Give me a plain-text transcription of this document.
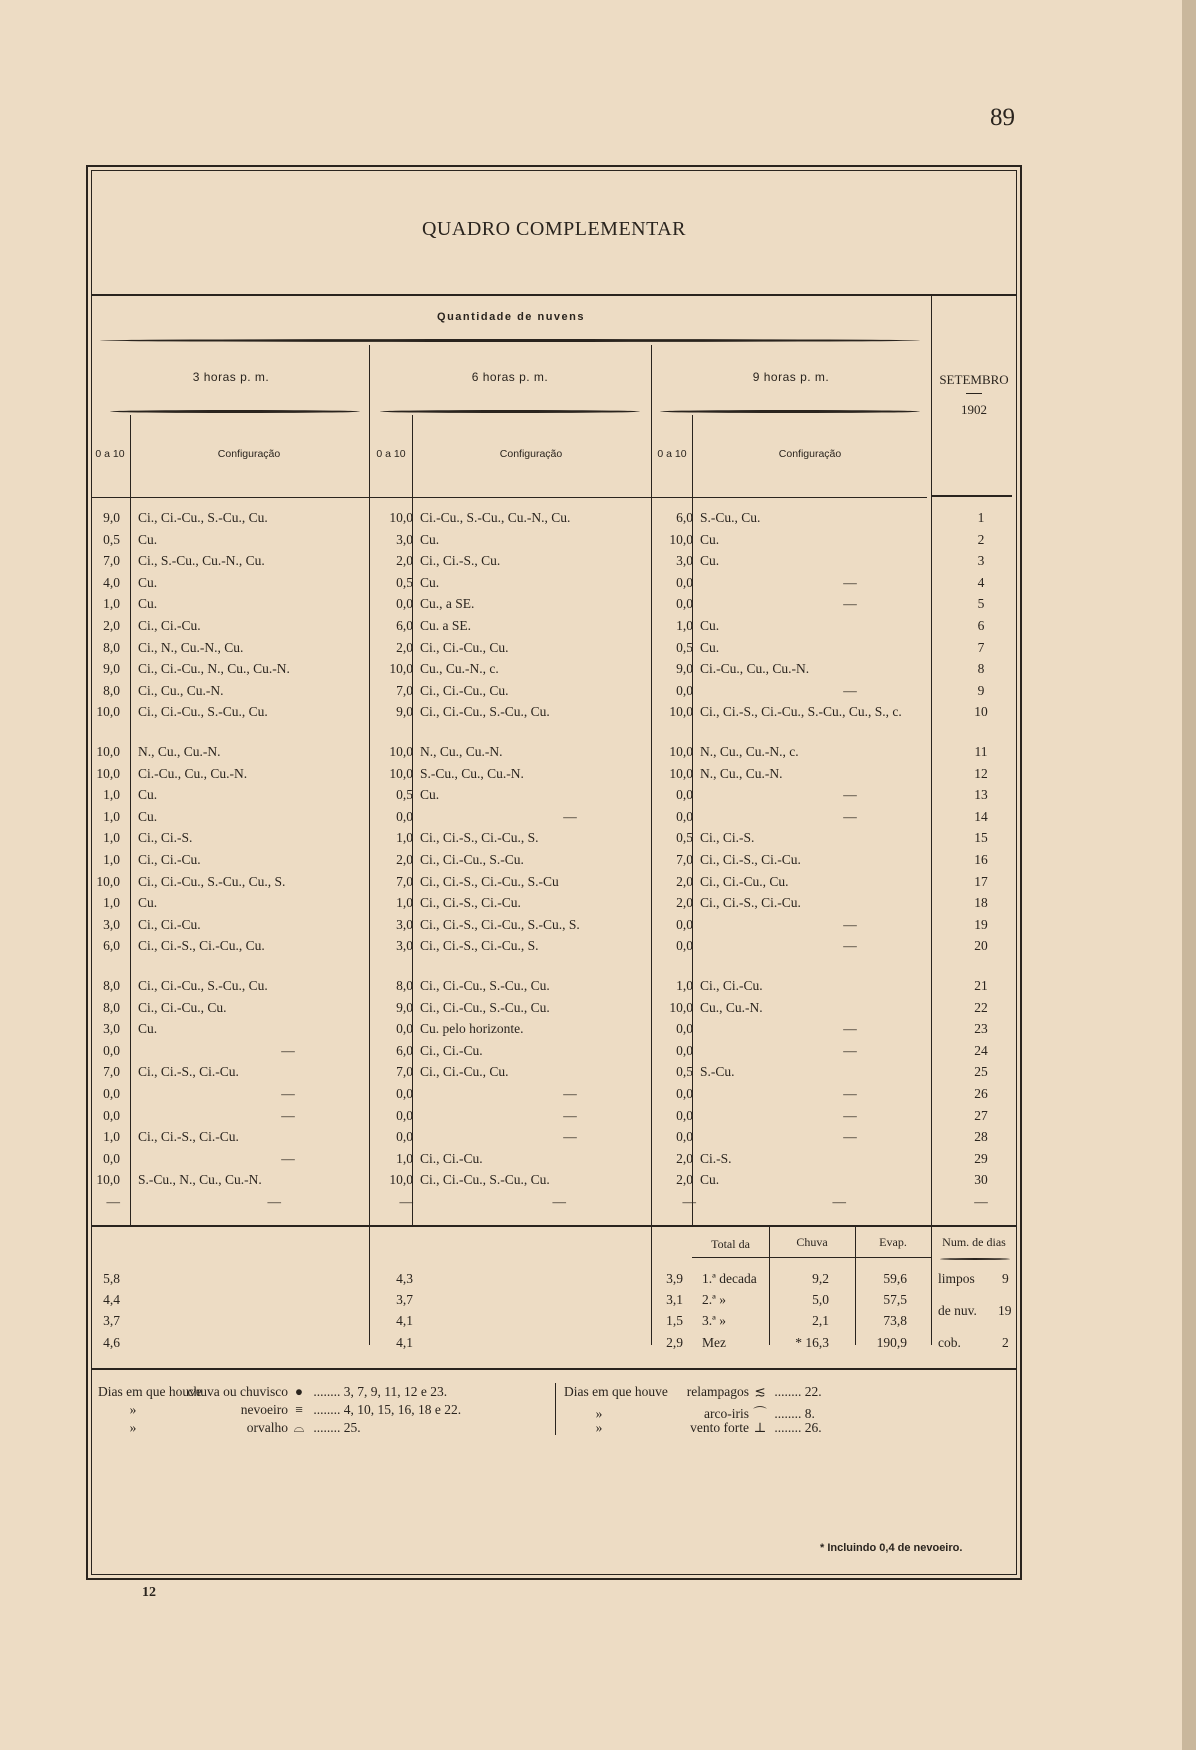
89
QUADRO COMPLEMENTAR
Quantidade de nuvens
3 horas p. m.	6 horas p. m.	9 horas p. m.	SETEMBRO
1902
0 a 10	Configuração	0 a 10	Configuração	0 a 10	Configuração
9,0 Ci., Ci.-Cu., S.-Cu., Cu.	10,0 Ci.-Cu., S.-Cu., Cu.-N., Cu.	6,0 S.-Cu., Cu.	1
0,5 Cu.	3,0 Cu.	10,0 Cu.	2
7,0 Ci., S.-Cu., Cu.-N., Cu.	2,0 Ci., Ci.-S., Cu.	3,0 Cu.	3
4,0 Cu.	0,5 Cu.	0,0	—	4
1,0 Cu.	0,0 Cu., a SE.	0,0	—	5
2,0 Ci., Ci.-Cu.	6,0 Cu. a SE.	1,0 Cu.	6
8,0 Ci., N., Cu.-N., Cu.	2,0 Ci., Ci.-Cu., Cu.	0,5 Cu.	7
9,0 Ci., Ci.-Cu., N., Cu., Cu.-N.	10,0 Cu., Cu.-N., c.	9,0 Ci.-Cu., Cu., Cu.-N.	8
8,0 Ci., Cu., Cu.-N.	7,0 Ci., Ci.-Cu., Cu.	0,0	—	9
10,0 Ci., Ci.-Cu., S.-Cu., Cu.	9,0 Ci., Ci.-Cu., S.-Cu., Cu.	10,0 Ci., Ci.-S., Ci.-Cu., S.-Cu., Cu., S., c.	10
10,0 N., Cu., Cu.-N.	10,0 N., Cu., Cu.-N.	10,0 N., Cu., Cu.-N., c.	11
10,0 Ci.-Cu., Cu., Cu.-N.	10,0 S.-Cu., Cu., Cu.-N.	10,0 N., Cu., Cu.-N.	12
1,0 Cu.	0,5 Cu.	0,0	—	13
1,0 Cu.	0,0	—	0,0	—	14
1,0 Ci., Ci.-S.	1,0 Ci., Ci.-S., Ci.-Cu., S.	0,5 Ci., Ci.-S.	15
1,0 Ci., Ci.-Cu.	2,0 Ci., Ci.-Cu., S.-Cu.	7,0 Ci., Ci.-S., Ci.-Cu.	16
10,0 Ci., Ci.-Cu., S.-Cu., Cu., S.	7,0 Ci., Ci.-S., Ci.-Cu., S.-Cu	2,0 Ci., Ci.-Cu., Cu.	17
1,0 Cu.	1,0 Ci., Ci.-S., Ci.-Cu.	2,0 Ci., Ci.-S., Ci.-Cu.	18
3,0 Ci., Ci.-Cu.	3,0 Ci., Ci.-S., Ci.-Cu., S.-Cu., S.	0,0	—	19
6,0 Ci., Ci.-S., Ci.-Cu., Cu.	3,0 Ci., Ci.-S., Ci.-Cu., S.	0,0	—	20
8,0 Ci., Ci.-Cu., S.-Cu., Cu.	8,0 Ci., Ci.-Cu., S.-Cu., Cu.	1,0 Ci., Ci.-Cu.	21
8,0 Ci., Ci.-Cu., Cu.	9,0 Ci., Ci.-Cu., S.-Cu., Cu.	10,0 Cu., Cu.-N.	22
3,0 Cu.	0,0 Cu. pelo horizonte.	0,0	—	23
0,0	—	6,0 Ci., Ci.-Cu.	0,0	—	24
7,0 Ci., Ci.-S., Ci.-Cu.	7,0 Ci., Ci.-Cu., Cu.	0,5 S.-Cu.	25
0,0	—	0,0	—	0,0	—	26
0,0	—	0,0	—	0,0	—	27
1,0 Ci., Ci.-S., Ci.-Cu.	0,0	—	0,0	—	28
0,0	—	1,0 Ci., Ci.-Cu.	2,0 Ci.-S.	29
10,0 S.-Cu., N., Cu., Cu.-N.	10,0 Ci., Ci.-Cu., S.-Cu., Cu.	2,0 Cu.	30
—	—	—	—	—	—	—
Total da	Chuva	Evap.	Num. de dias
5,8	4,3	3,9 1.ª decada	9,2	59,6
4,4	3,7	3,1 2.ª »	5,0	57,5
3,7	4,1	1,5 3.ª »	2,1	73,8
4,6	4,1	2,9 Mez	* 16,3	190,9
limpos 9
de nuv. 19
cob.	2
Dias em que houvechuva ou chuvisco ● ........ 3, 7, 9, 11, 12 e 23.
»	nevoeiro ≡ ........ 4, 10, 15, 16, 18 e 22.
»	orvalho ⌓ ........ 25.
Dias em que houve relampagos ≲ ........ 22.
»	arco-iris ⌒ ........ 8.
»	vento forte ⊥ ........ 26.
* Incluindo 0,4 de nevoeiro.
12
